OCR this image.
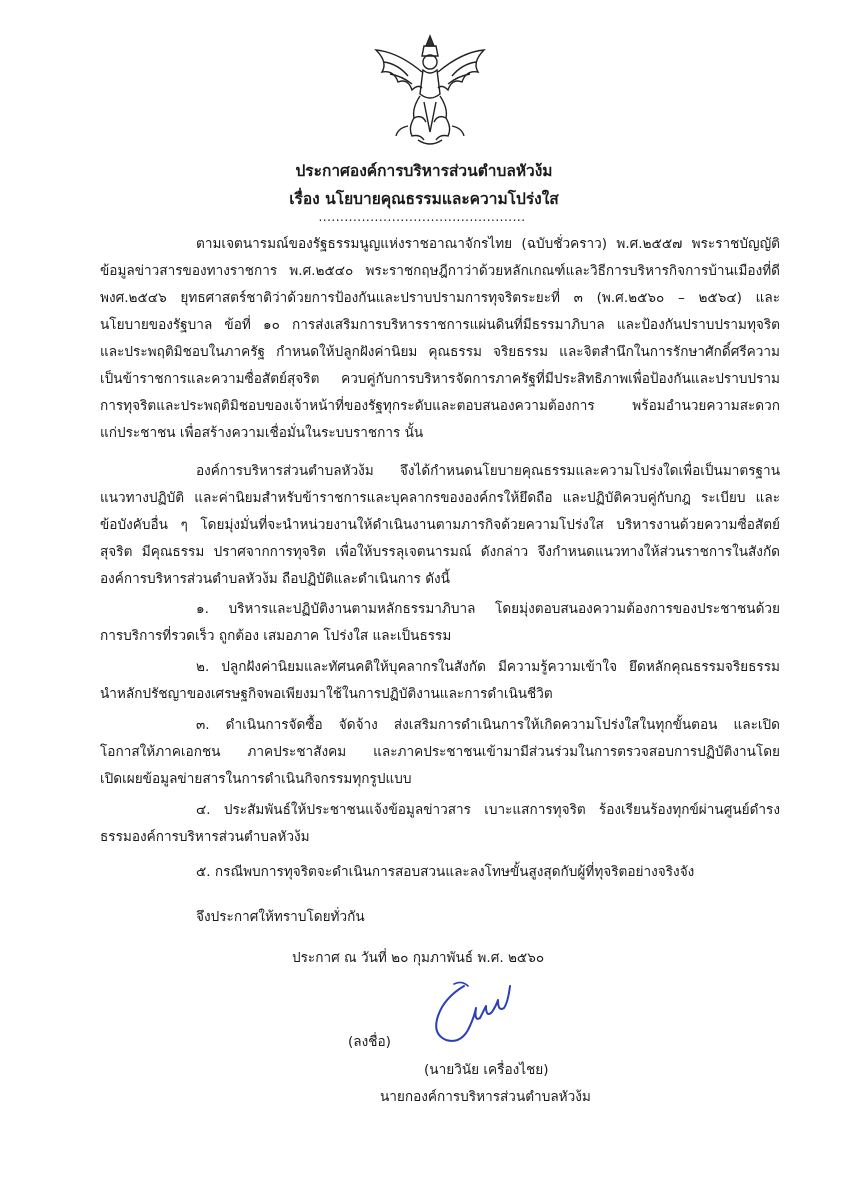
ประกาศองค์การบริหารส่วนตำบลหัวง้ม
เรื่อง นโยบายคุณธรรมและความโปร่งใส
................................................
ตามเจตนารมณ์ของรัฐธรรมนูญแห่งราชอาณาจักรไทย (ฉบับชั่วคราว) พ.ศ.๒๕๕๗ พระราชบัญญัติ
ข้อมูลข่าวสารของทางราชการ พ.ศ.๒๕๔๐ พระราชกฤษฎีกาว่าด้วยหลักเกณฑ์และวิธีการบริหารกิจการบ้านเมืองที่ดี
พงศ.๒๕๔๖ ยุทธศาสตร์ชาติว่าด้วยการป้องกันและปราบปรามการทุจริตระยะที่ ๓ (พ.ศ.๒๕๖๐ – ๒๕๖๔) และ
นโยบายของรัฐบาล ข้อที่ ๑๐ การส่งเสริมการบริหารราชการแผ่นดินที่มีธรรมาภิบาล และป้องกันปราบปรามทุจริต
และประพฤติมิชอบในภาครัฐ กำหนดให้ปลูกฝังค่านิยม คุณธรรม จริยธรรม และจิตสำนึกในการรักษาศักดิ์ศรีความ
เป็นข้าราชการและความซื่อสัตย์สุจริต ควบคู่กับการบริหารจัดการภาครัฐที่มีประสิทธิภาพเพื่อป้องกันและปราบปราม
การทุจริตและประพฤติมิชอบของเจ้าหน้าที่ของรัฐทุกระดับและตอบสนองความต้องการ พร้อมอำนวยความสะดวก
แก่ประชาชน เพื่อสร้างความเชื่อมั่นในระบบราชการ นั้น
องค์การบริหารส่วนตำบลหัวง้ม จึงได้กำหนดนโยบายคุณธรรมและความโปร่งใดเพื่อเป็นมาตรฐาน
แนวทางปฏิบัติ และค่านิยมสำหรับข้าราชการและบุคลากรขององค์กรให้ยึดถือ และปฏิบัติควบคู่กับกฎ ระเบียบ และ
ข้อบังคับอื่น ๆ โดยมุ่งมั่นที่จะนำหน่วยงานให้ดำเนินงานตามภารกิจด้วยความโปร่งใส บริหารงานด้วยความซื่อสัตย์
สุจริต มีคุณธรรม ปราศจากการทุจริต เพื่อให้บรรลุเจตนารมณ์ ดังกล่าว จึงกำหนดแนวทางให้ส่วนราชการในสังกัด
องค์การบริหารส่วนตำบลหัวง้ม ถือปฏิบัติและดำเนินการ ดังนี้
๑. บริหารและปฏิบัติงานตามหลักธรรมาภิบาล โดยมุ่งตอบสนองความต้องการของประชาชนด้วย
การบริการที่รวดเร็ว ถูกต้อง เสมอภาค โปร่งใส และเป็นธรรม
๒. ปลูกฝังค่านิยมและทัศนคติให้บุคลากรในสังกัด มีความรู้ความเข้าใจ ยึดหลักคุณธรรมจริยธรรม
นำหลักปรัชญาของเศรษฐกิจพอเพียงมาใช้ในการปฏิบัติงานและการดำเนินชีวิต
๓. ดำเนินการจัดซื้อ จัดจ้าง ส่งเสริมการดำเนินการให้เกิดความโปร่งใสในทุกขั้นตอน และเปิด
โอกาสให้ภาคเอกชน ภาคประชาสังคม และภาคประชาชนเข้ามามีส่วนร่วมในการตรวจสอบการปฏิบัติงานโดย
เปิดเผยข้อมูลข่ายสารในการดำเนินกิจกรรมทุกรูปแบบ
๔. ประสัมพันธ์ให้ประชาชนแจ้งข้อมูลข่าวสาร เบาะแสการทุจริต ร้องเรียนร้องทุกข์ผ่านศูนย์ดำรง
ธรรมองค์การบริหารส่วนตำบลหัวง้ม
๕. กรณีพบการทุจริตจะดำเนินการสอบสวนและลงโทษขั้นสูงสุดกับผู้ที่ทุจริตอย่างจริงจัง
จึงประกาศให้ทราบโดยทั่วกัน
ประกาศ ณ วันที่ ๒๐ กุมภาพันธ์ พ.ศ. ๒๕๖๐
(ลงชื่อ)
(นายวินัย เครื่องไชย)
นายกองค์การบริหารส่วนตำบลหัวง้ม
